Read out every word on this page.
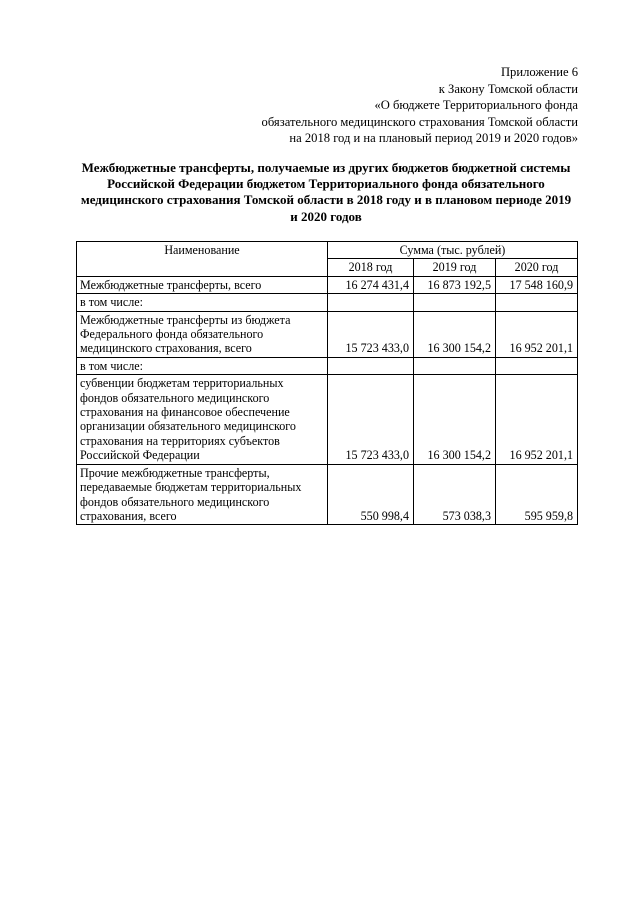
Приложение 6
к Закону Томской области
«О бюджете Территориального фонда
обязательного медицинского страхования Томской области
на 2018 год и на плановый период 2019 и 2020 годов»
Межбюджетные трансферты, получаемые из других бюджетов бюджетной системы Российской Федерации бюджетом Территориального фонда обязательного медицинского страхования Томской области в 2018 году и в плановом периоде 2019 и 2020 годов
Наименование	Сумма (тыс. рублей)		
	2018 год	2019 год	2020 год
Межбюджетные трансферты, всего	16 274 431,4	16 873 192,5	17 548 160,9
в том числе:			
Межбюджетные трансферты из бюджета Федерального фонда обязательного медицинского страхования, всего	15 723 433,0	16 300 154,2	16 952 201,1
в том числе:			
субвенции бюджетам территориальных фондов обязательного медицинского страхования на финансовое обеспечение организации обязательного медицинского страхования на территориях субъектов Российской Федерации	15 723 433,0	16 300 154,2	16 952 201,1
Прочие межбюджетные трансферты, передаваемые бюджетам территориальных фондов обязательного медицинского страхования, всего	550 998,4	573 038,3	595 959,8
